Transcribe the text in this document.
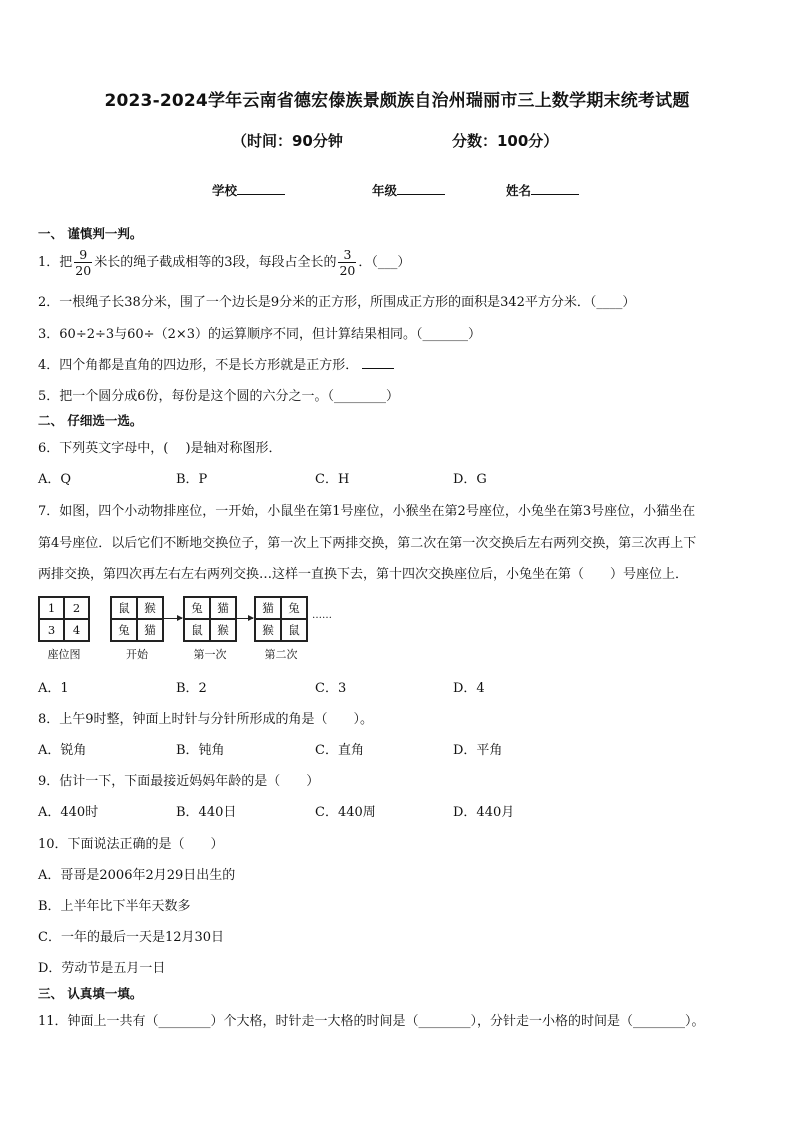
2023-2024学年云南省德宏傣族景颇族自治州瑞丽市三上数学期末统考试题
（时间：90分钟	分数：100分）
学校	年级	姓名
一、 谨慎判一判。
1．把 $\frac{9}{20}$ 米长的绳子截成相等的3段，每段占全长的 $\frac{3}{20}$ ．（___）
2．一根绳子长38分米，围了一个边长是9分米的正方形，所围成正方形的面积是342平方分米．（____）
3．60÷2÷3与60÷（2×3）的运算顺序不同，但计算结果相同。（_______）
4．四个角都是直角的四边形，不是长方形就是正方形．
5．把一个圆分成6份，每份是这个圆的六分之一。（________）
二、 仔细选一选。
6．下列英文字母中，(　 )是轴对称图形．
A．Q	B．P	C．H	D．G
7．如图，四个小动物排座位，一开始，小鼠坐在第1号座位，小猴坐在第2号座位，小兔坐在第3号座位，小猫坐在
第4号座位．以后它们不断地交换位子，第一次上下两排交换，第二次在第一次交换后左右两列交换，第三次再上下
两排交换，第四次再左右左右两列交换…这样一直换下去，第十四次交换座位后，小兔坐在第（　　）号座位上．
1	2
3	4
座位图
鼠	猴
兔	猫
开始
兔	猫
鼠	猴
第一次
猫	兔
猴	鼠
第二次
……
A．1	B．2	C．3	D．4
8．上午9时整，钟面上时针与分针所形成的角是（　　）。
A．锐角	B．钝角	C．直角	D．平角
9．估计一下，下面最接近妈妈年龄的是（　　）
A．440时	B．440日	C．440周	D．440月
10．下面说法正确的是（　　）
A．哥哥是2006年2月29日出生的
B．上半年比下半年天数多
C．一年的最后一天是12月30日
D．劳动节是五月一日
三、 认真填一填。
11．钟面上一共有（________）个大格，时针走一大格的时间是（________），分针走一小格的时间是（________）。
